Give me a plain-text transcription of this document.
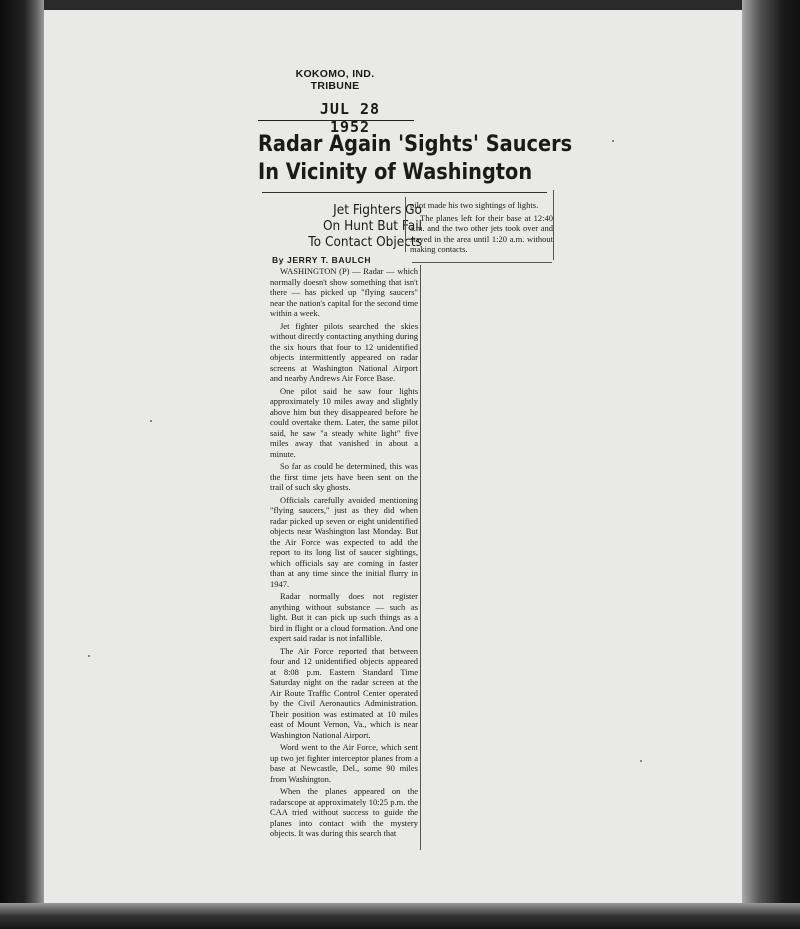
KOKOMO, IND.
TRIBUNE
JUL 28 1952
Radar Again 'Sights' Saucers
In Vicinity of Washington
Jet Fighters Go
On Hunt But Fail
To Contact Objects
By JERRY T. BAULCH

WASHINGTON (P) — Radar — which normally doesn't show something that isn't there — has picked up "flying saucers" near the nation's capital for the second time within a week.

Jet fighter pilots searched the skies without directly contacting anything during the six hours that four to 12 unidentified objects intermittently appeared on radar screens at Washington National Airport and nearby Andrews Air Force Base.

One pilot said he saw four lights approximately 10 miles away and slightly above him but they disappeared before he could overtake them. Later, the same pilot said, he saw "a steady white light" five miles away that vanished in about a minute.

So far as could be determined, this was the first time jets have been sent on the trail of such sky ghosts.

Officials carefully avoided mentioning "flying saucers," just as they did when radar picked up seven or eight unidentified objects near Washington last Monday. But the Air Force was expected to add the report to its long list of saucer sightings, which officials say are coming in faster than at any time since the initial flurry in 1947.

Radar normally does not register anything without substance — such as light. But it can pick up such things as a bird in flight or a cloud formation. And one expert said radar is not infallible.

The Air Force reported that between four and 12 unidentified objects appeared at 8:08 p.m. Eastern Standard Time Saturday night on the radar screen at the Air Route Traffic Control Center operated by the Civil Aeronautics Administration. Their position was estimated at 10 miles east of Mount Vernon, Va., which is near Washington National Airport.

Word went to the Air Force, which sent up two jet fighter interceptor planes from a base at Newcastle, Del., some 90 miles from Washington.

When the planes appeared on the radarscope at approximately 10:25 p.m. the CAA tried without success to guide the planes into contact with the mystery objects. It was during this search that

pilot made his two sightings of lights.

The planes left for their base at 12:40 a.m. and the two other jets took over and stayed in the area until 1:20 a.m. without making contacts.
